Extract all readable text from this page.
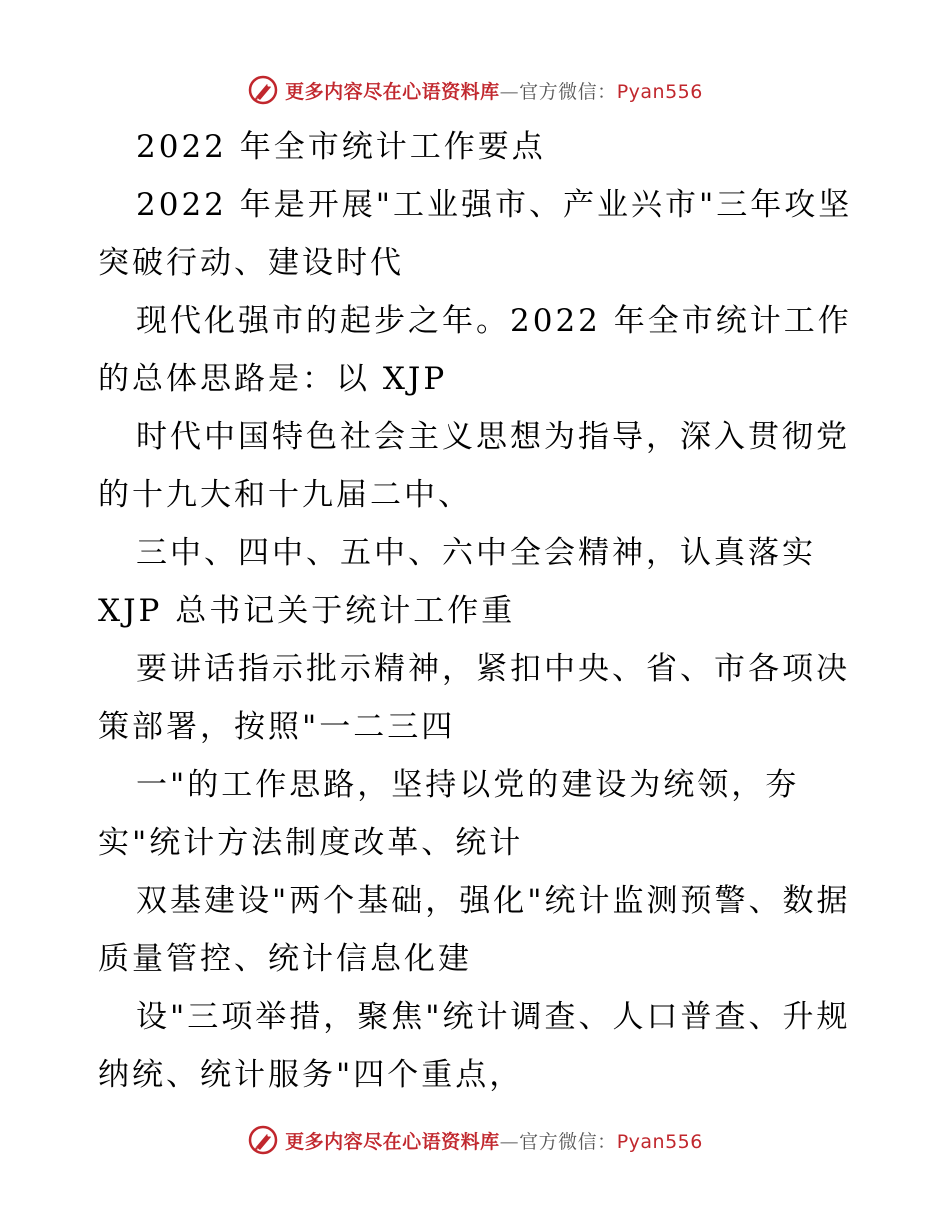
更多内容尽在心语资料库—官方微信：Pyan556
2022 年全市统计工作要点
2022 年是开展"工业强市、产业兴市"三年攻坚
突破行动、建设时代
现代化强市的起步之年。2022 年全市统计工作
的总体思路是：以 XJP
时代中国特色社会主义思想为指导，深入贯彻党
的十九大和十九届二中、
三中、四中、五中、六中全会精神，认真落实
XJP 总书记关于统计工作重
要讲话指示批示精神，紧扣中央、省、市各项决
策部署，按照"一二三四
一"的工作思路，坚持以党的建设为统领，夯
实"统计方法制度改革、统计
双基建设"两个基础，强化"统计监测预警、数据
质量管控、统计信息化建
设"三项举措，聚焦"统计调查、人口普查、升规
纳统、统计服务"四个重点，
更多内容尽在心语资料库—官方微信：Pyan556
